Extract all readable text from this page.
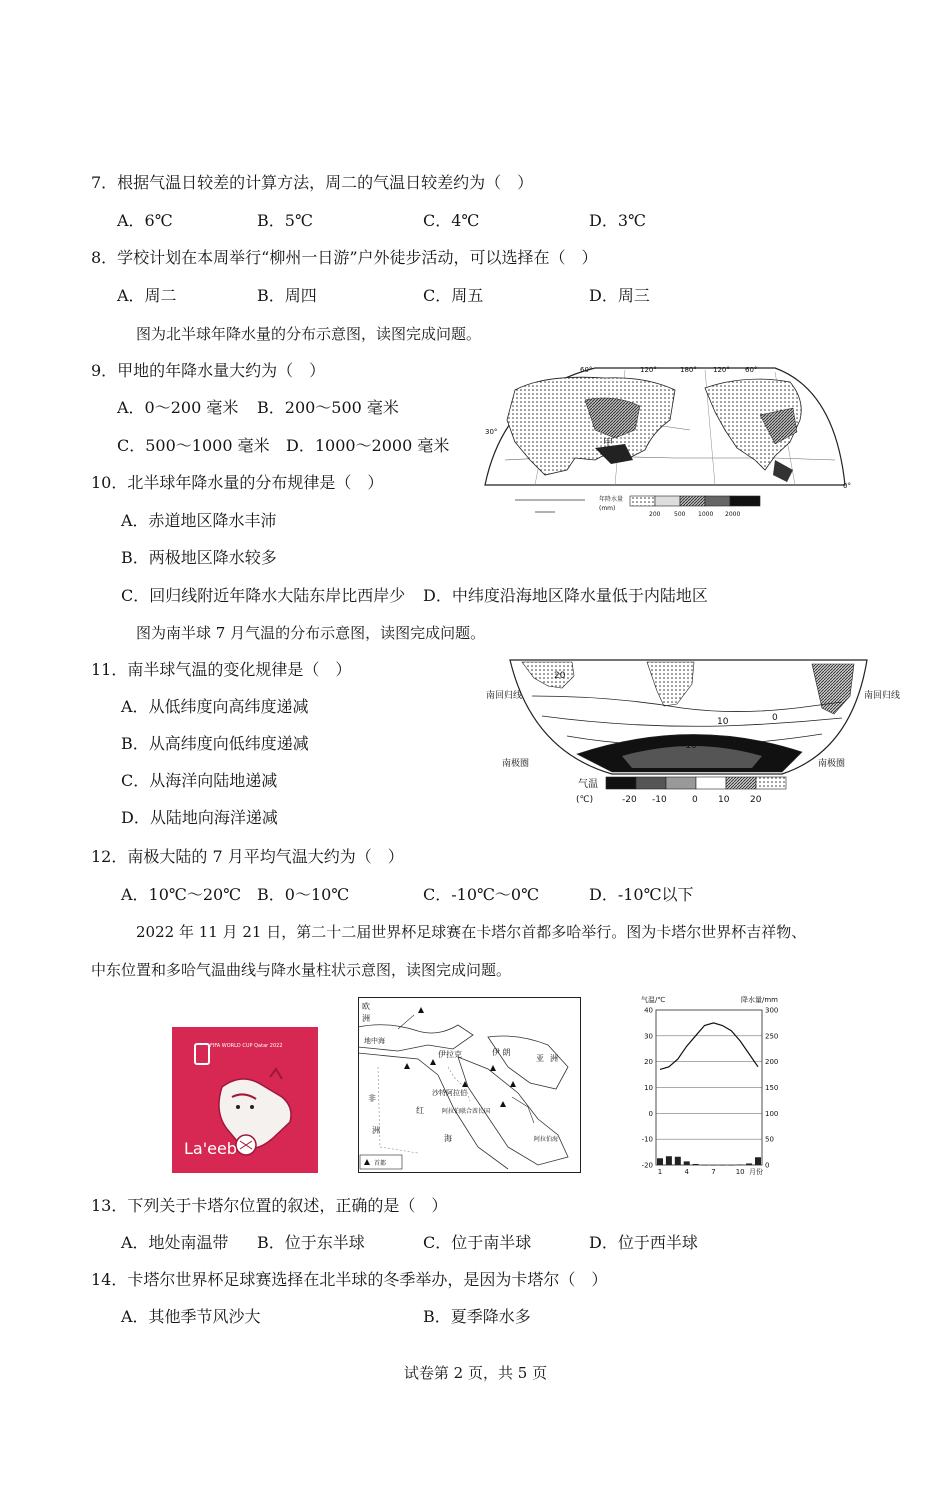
7．根据气温日较差的计算方法，周二的气温日较差约为（　）
A．6℃	B．5℃	C．4℃	D．3℃
8．学校计划在本周举行“柳州一日游”户外徒步活动，可以选择在（　）
A．周二	B．周四	C．周五	D．周三
图为北半球年降水量的分布示意图，读图完成问题。
9．甲地的年降水量大约为（　）
A．0～200 毫米 B．200～500 毫米
C．500～1000 毫米 D．1000～2000 毫米
10．北半球年降水量的分布规律是（　）
A．赤道地区降水丰沛
B．两极地区降水较多
C．回归线附近年降水大陆东岸比西岸少 D．中纬度沿海地区降水量低于内陆地区
图为南半球 7 月气温的分布示意图，读图完成问题。
11．南半球气温的变化规律是（　）
A．从低纬度向高纬度递减
B．从高纬度向低纬度递减
C．从海洋向陆地递减
D．从陆地向海洋递减
12．南极大陆的 7 月平均气温大约为（　）
A．10℃～20℃ B．0～10℃	C．-10℃～0℃	D．-10℃以下
2022 年 11 月 21 日，第二十二届世界杯足球赛在卡塔尔首都多哈举行。图为卡塔尔世界杯吉祥物、
中东位置和多哈气温曲线与降水量柱状示意图，读图完成问题。
13．下列关于卡塔尔位置的叙述，正确的是（　）
A．地处南温带 B．位于东半球	C．位于南半球	D．位于西半球
14．卡塔尔世界杯足球赛选择在北半球的冬季举办，是因为卡塔尔（　）
A．其他季节风沙大	B．夏季降水多
试卷第 2 页，共 5 页
甲
60°	120°	180° 120° 60°
30°
0°
年降水量
(mm)
200 500 1000 2000
20
10
-10
0
南回归线	南回归线
南极圈	南极圈
气温
(℃)	-20 -10	0 10 20
FIFA WORLD CUP Qatar 2022
La'eeb
欧
洲
地中海
伊拉克	伊 朗
亚 洲
非
洲
沙特阿拉伯
阿拉伯联合酋长国
红
海	阿拉伯海
首都
气温/℃	降水量/mm
40
30
20
10
0
-10
-20
300
250
200
150
100
50
0
1	4	7	10 月份
